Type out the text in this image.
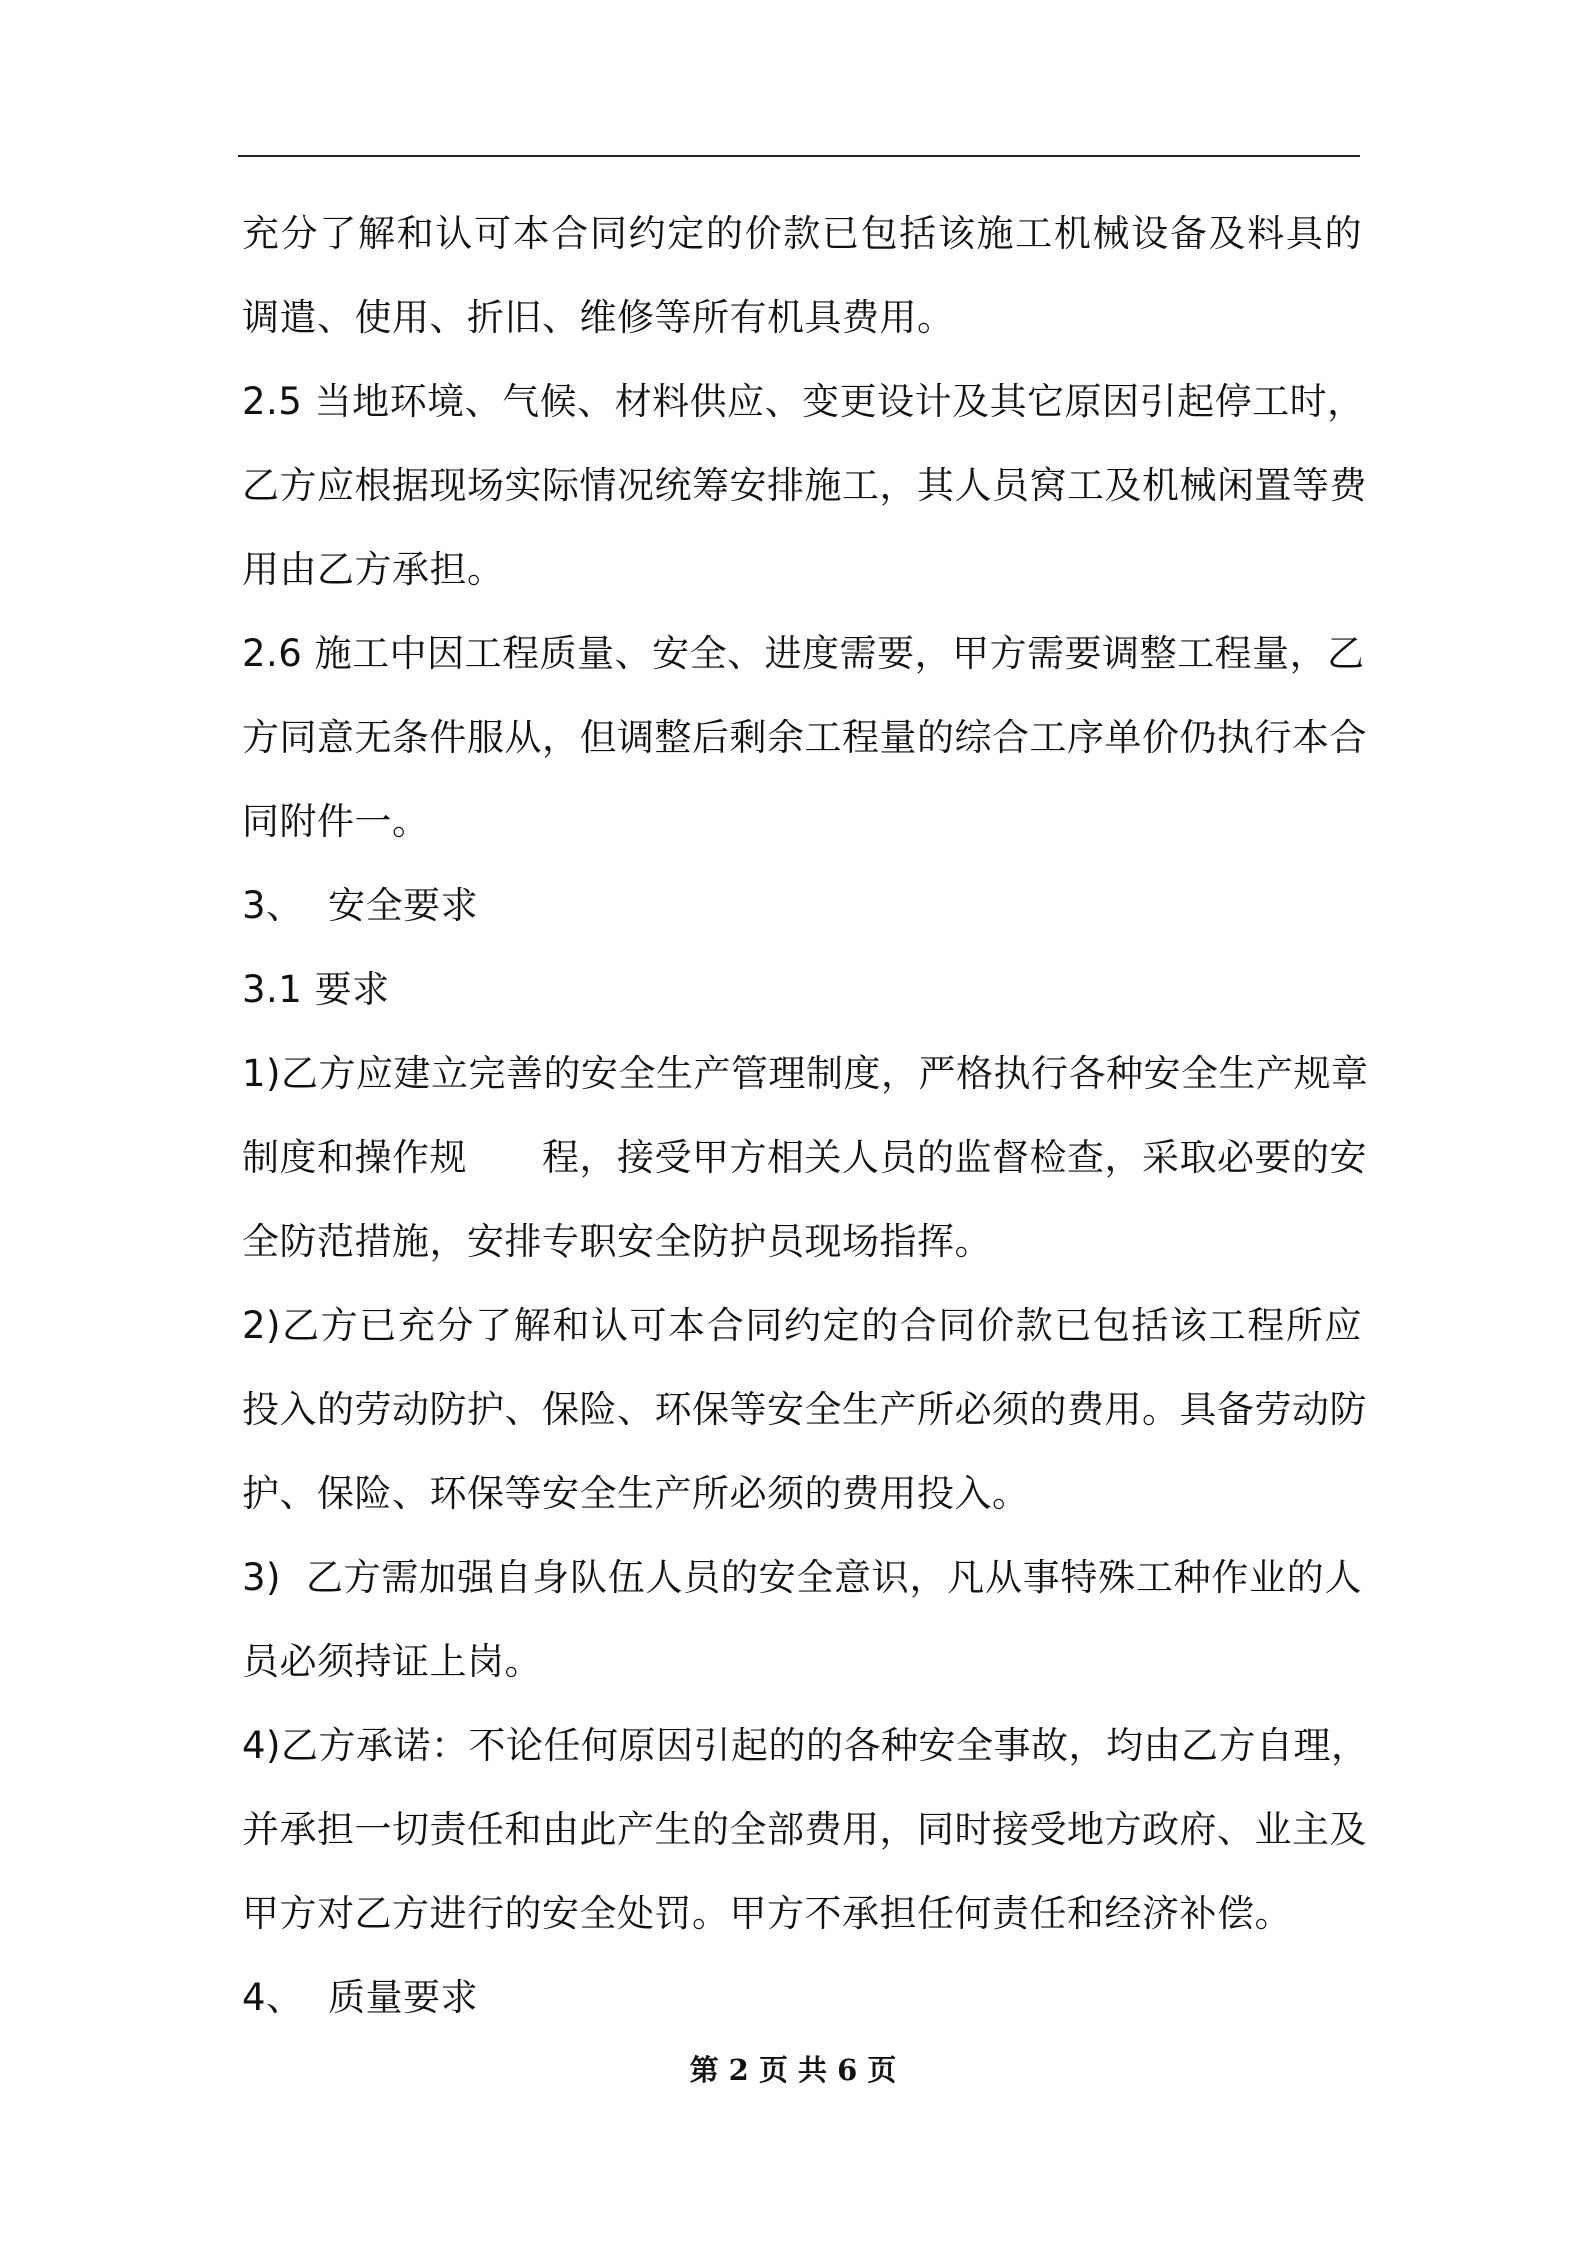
充分了解和认可本合同约定的价款已包括该施工机械设备及料具的
调遣、使用、折旧、维修等所有机具费用。
2.5 当地环境、气候、材料供应、变更设计及其它原因引起停工时，
乙方应根据现场实际情况统筹安排施工，其人员窝工及机械闲置等费
用由乙方承担。
2.6 施工中因工程质量、安全、进度需要，甲方需要调整工程量，乙
方同意无条件服从，但调整后剩余工程量的综合工序单价仍执行本合
同附件一。
3、  安全要求
3.1 要求
1)乙方应建立完善的安全生产管理制度，严格执行各种安全生产规章
制度和操作规　　程，接受甲方相关人员的监督检查，采取必要的安
全防范措施，安排专职安全防护员现场指挥。
2)乙方已充分了解和认可本合同约定的合同价款已包括该工程所应
投入的劳动防护、保险、环保等安全生产所必须的费用。具备劳动防
护、保险、环保等安全生产所必须的费用投入。
3)  乙方需加强自身队伍人员的安全意识，凡从事特殊工种作业的人
员必须持证上岗。
4)乙方承诺：不论任何原因引起的的各种安全事故，均由乙方自理，
并承担一切责任和由此产生的全部费用，同时接受地方政府、业主及
甲方对乙方进行的安全处罚。甲方不承担任何责任和经济补偿。
4、  质量要求
第 2 页 共 6 页
